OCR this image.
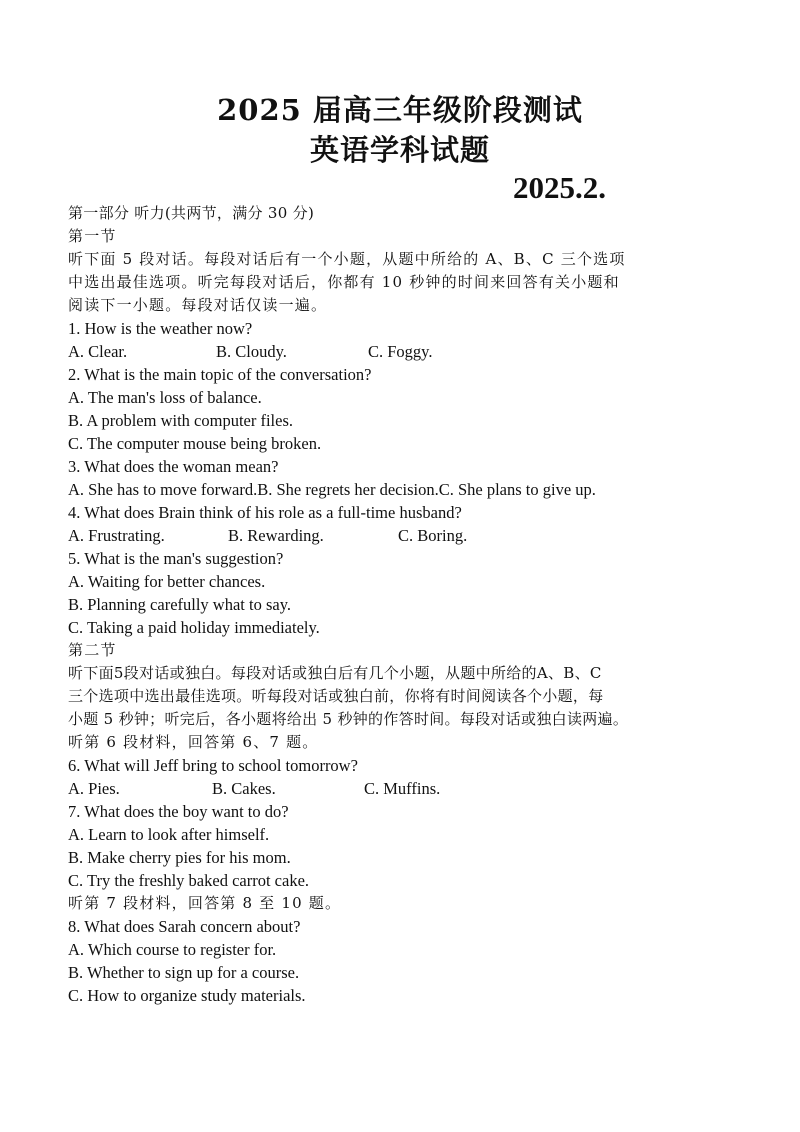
2025 届高三年级阶段测试
英语学科试题
2025.2.
第一部分 听力(共两节，满分 30 分)
第一节
听下面 5 段对话。每段对话后有一个小题，从题中所给的 A、B、C 三个选项
中选出最佳选项。听完每段对话后，你都有 10 秒钟的时间来回答有关小题和
阅读下一小题。每段对话仅读一遍。
1. How is the weather now?
A. Clear.	B. Cloudy.	C. Foggy.
2. What is the main topic of the conversation?
A. The man's loss of balance.
B. A problem with computer files.
C. The computer mouse being broken.
3. What does the woman mean?
A. She has to move forward.B. She regrets her decision.C. She plans to give up.
4. What does Brain think of his role as a full-time husband?
A. Frustrating.	B. Rewarding.	C. Boring.
5. What is the man's suggestion?
A. Waiting for better chances.
B. Planning carefully what to say.
C. Taking a paid holiday immediately.
第二节
听下面5段对话或独白。每段对话或独白后有几个小题，从题中所给的A、B、C
三个选项中选出最佳选项。听每段对话或独白前，你将有时间阅读各个小题，每
小题 5 秒钟；听完后，各小题将给出 5 秒钟的作答时间。每段对话或独白读两遍。
听第 6 段材料，回答第 6、7 题。
6. What will Jeff bring to school tomorrow?
A. Pies.	B. Cakes.	C. Muffins.
7. What does the boy want to do?
A. Learn to look after himself.
B. Make cherry pies for his mom.
C. Try the freshly baked carrot cake.
听第 7 段材料，回答第 8 至 10 题。
8. What does Sarah concern about?
A. Which course to register for.
B. Whether to sign up for a course.
C. How to organize study materials.
